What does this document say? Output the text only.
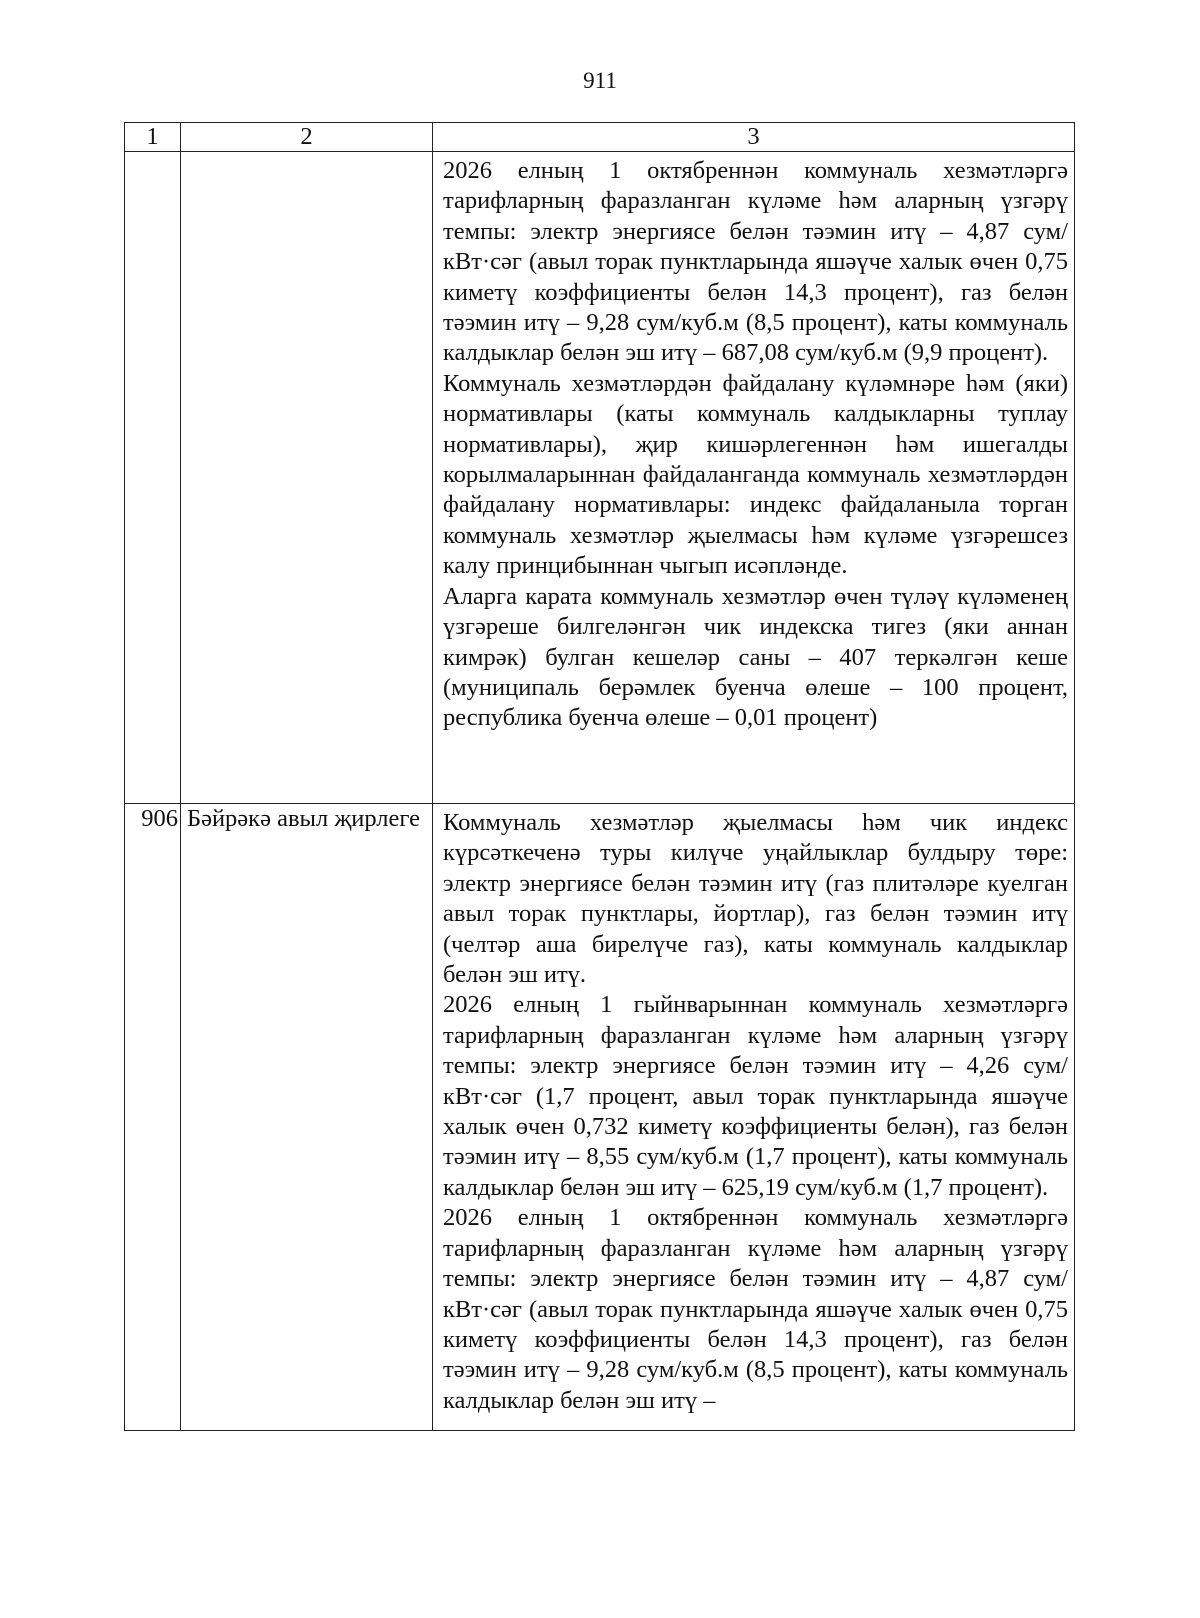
911
1	2	3

		2026 елның 1 октябреннән коммуналь хезмәтләргә тарифларның фаразланган күләме һәм аларның үзгәрү темпы: электр энергиясе белән тәэмин итү – 4,87 сум/кВт·сәг (авыл торак пунктларында яшәүче халык өчен 0,75 киметү коэффициенты белән 14,3 процент), газ белән тәэмин итү – 9,28 сум/куб.м (8,5 процент), каты коммуналь калдыклар белән эш итү – 687,08 сум/куб.м (9,9 процент).

Коммуналь хезмәтләрдән файдалану күләмнәре һәм (яки) нормативлары (каты коммуналь калдыкларны туплау нормативлары), җир кишәрлегеннән һәм ишегалды корылмаларыннан файдаланганда коммуналь хезмәтләрдән файдалану нормативлары: индекс файдаланыла торган коммуналь хезмәтләр җыелмасы һәм күләме үзгәрешсез калу принцибыннан чыгып исәпләнде.

Аларга карата коммуналь хезмәтләр өчен түләү күләменең үзгәреше билгеләнгән чик индекска тигез (яки аннан кимрәк) булган кешеләр саны – 407 теркәлгән кеше (муниципаль берәмлек буенча өлеше – 100 процент, республика буенча өлеше – 0,01 процент)

906	Бәйрәкә авыл җирлеге	Коммуналь хезмәтләр җыелмасы һәм чик индекс күрсәткеченә туры килүче уңайлыклар булдыру төре: электр энергиясе белән тәэмин итү (газ плитәләре куелган авыл торак пунктлары, йортлар), газ белән тәэмин итү (челтәр аша бирелүче газ), каты коммуналь калдыклар белән эш итү.

2026 елның 1 гыйнварыннан коммуналь хезмәтләргә тарифларның фаразланган күләме һәм аларның үзгәрү темпы: электр энергиясе белән тәэмин итү – 4,26 сум/кВт·сәг (1,7 процент, авыл торак пунктларында яшәүче халык өчен 0,732 киметү коэффициенты белән), газ белән тәэмин итү – 8,55 сум/куб.м (1,7 процент), каты коммуналь калдыклар белән эш итү – 625,19 сум/куб.м (1,7 процент).

2026 елның 1 октябреннән коммуналь хезмәтләргә тарифларның фаразланган күләме һәм аларның үзгәрү темпы: электр энергиясе белән тәэмин итү – 4,87 сум/кВт·сәг (авыл торак пунктларында яшәүче халык өчен 0,75 киметү коэффициенты белән 14,3 процент), газ белән тәэмин итү – 9,28 сум/куб.м (8,5 процент), каты коммуналь калдыклар белән эш итү –
